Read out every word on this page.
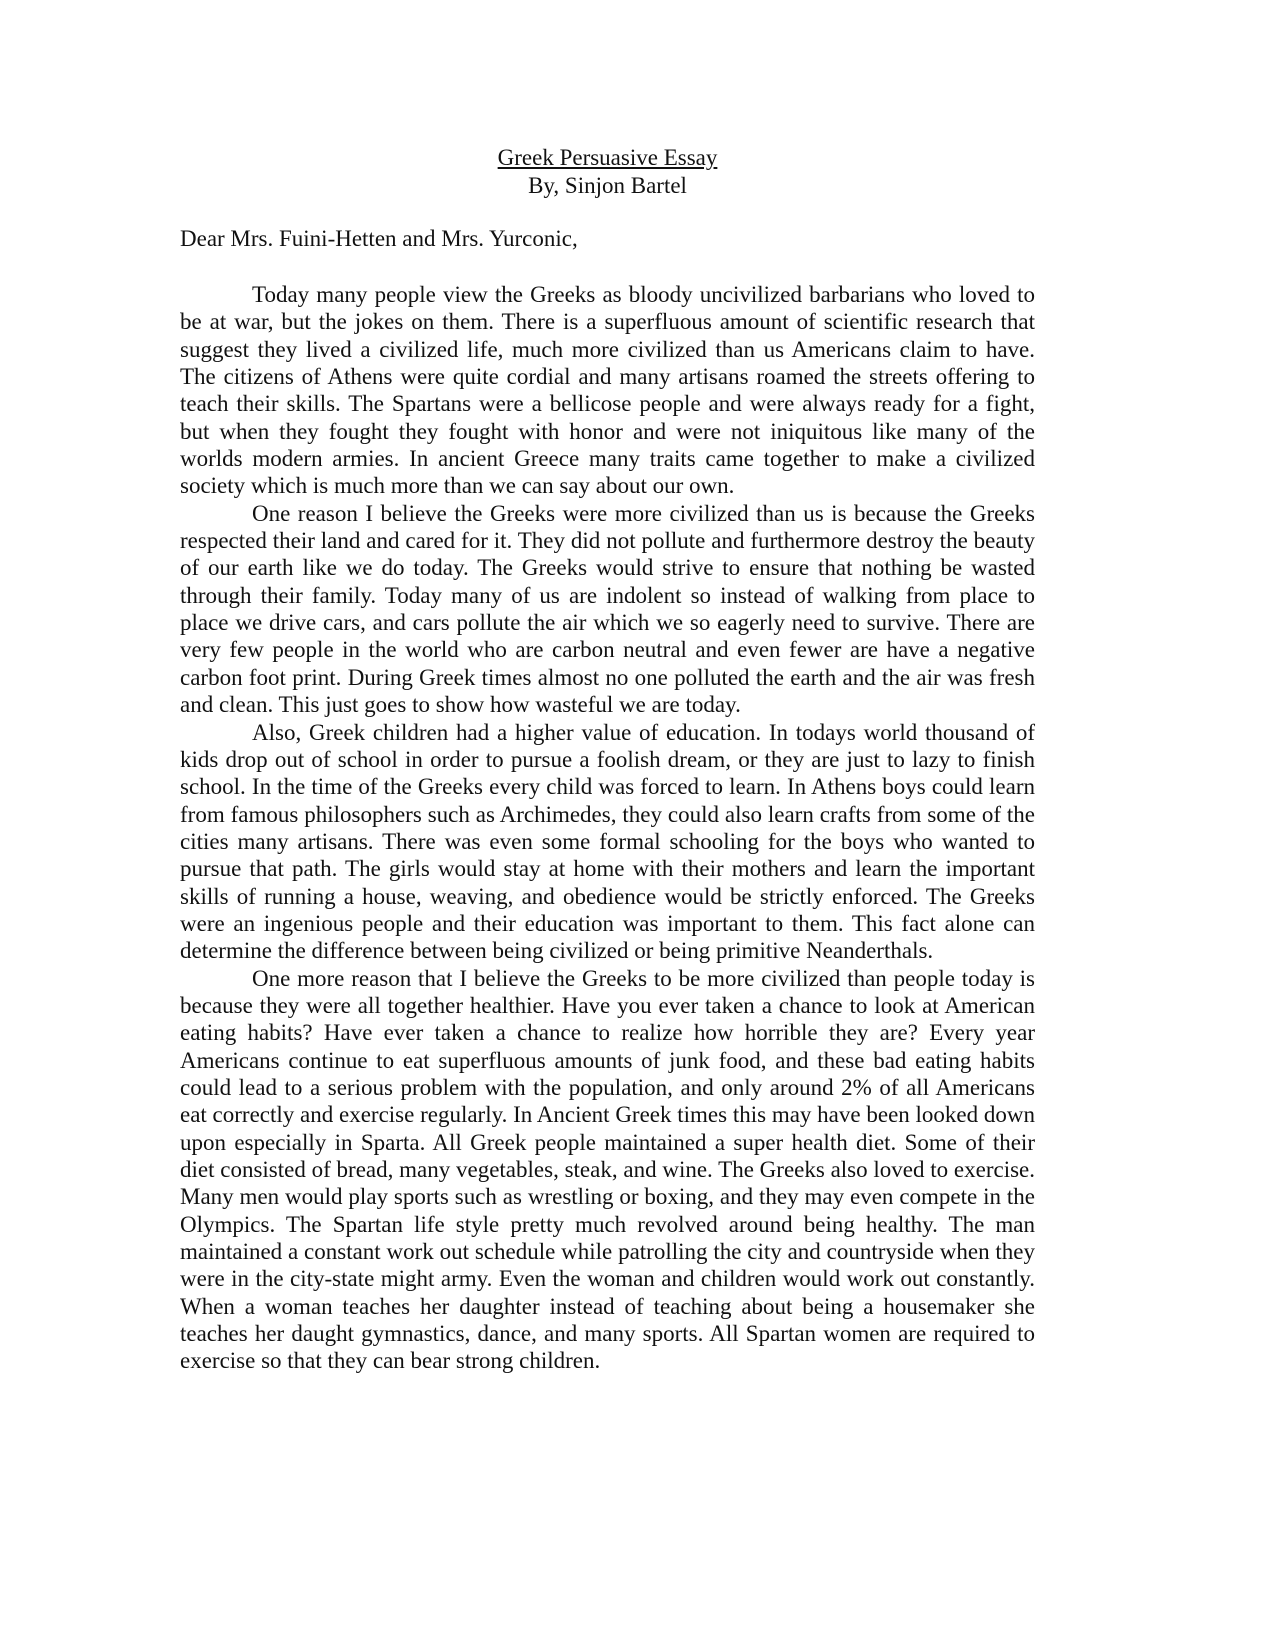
Greek Persuasive Essay
By, Sinjon Bartel
Dear Mrs. Fuini-Hetten and Mrs. Yurconic,

Today many people view the Greeks as bloody uncivilized barbarians who loved to be at war, but the jokes on them. There is a superfluous amount of scientific research that suggest they lived a civilized life, much more civilized than us Americans claim to have. The citizens of Athens were quite cordial and many artisans roamed the streets offering to teach their skills. The Spartans were a bellicose people and were always ready for a fight, but when they fought they fought with honor and were not iniquitous like many of the worlds modern armies. In ancient Greece many traits came together to make a civilized society which is much more than we can say about our own.

One reason I believe the Greeks were more civilized than us is because the Greeks respected their land and cared for it. They did not pollute and furthermore destroy the beauty of our earth like we do today. The Greeks would strive to ensure that nothing be wasted through their family. Today many of us are indolent so instead of walking from place to place we drive cars, and cars pollute the air which we so eagerly need to survive. There are very few people in the world who are carbon neutral and even fewer are have a negative carbon foot print. During Greek times almost no one polluted the earth and the air was fresh and clean. This just goes to show how wasteful we are today.

Also, Greek children had a higher value of education. In todays world thousand of kids drop out of school in order to pursue a foolish dream, or they are just to lazy to finish school. In the time of the Greeks every child was forced to learn. In Athens boys could learn from famous philosophers such as Archimedes, they could also learn crafts from some of the cities many artisans. There was even some formal schooling for the boys who wanted to pursue that path. The girls would stay at home with their mothers and learn the important skills of running a house, weaving, and obedience would be strictly enforced. The Greeks were an ingenious people and their education was important to them. This fact alone can determine the difference between being civilized or being primitive Neanderthals.

One more reason that I believe the Greeks to be more civilized than people today is because they were all together healthier. Have you ever taken a chance to look at American eating habits? Have ever taken a chance to realize how horrible they are? Every year Americans continue to eat superfluous amounts of junk food, and these bad eating habits could lead to a serious problem with the population, and only around 2% of all Americans eat correctly and exercise regularly. In Ancient Greek times this may have been looked down upon especially in Sparta. All Greek people maintained a super health diet. Some of their diet consisted of bread, many vegetables, steak, and wine. The Greeks also loved to exercise. Many men would play sports such as wrestling or boxing, and they may even compete in the Olympics. The Spartan life style pretty much revolved around being healthy. The man maintained a constant work out schedule while patrolling the city and countryside when they were in the city-state might army. Even the woman and children would work out constantly. When a woman teaches her daughter instead of teaching about being a housemaker she teaches her daught gymnastics, dance, and many sports. All Spartan women are required to exercise so that they can bear strong children.
